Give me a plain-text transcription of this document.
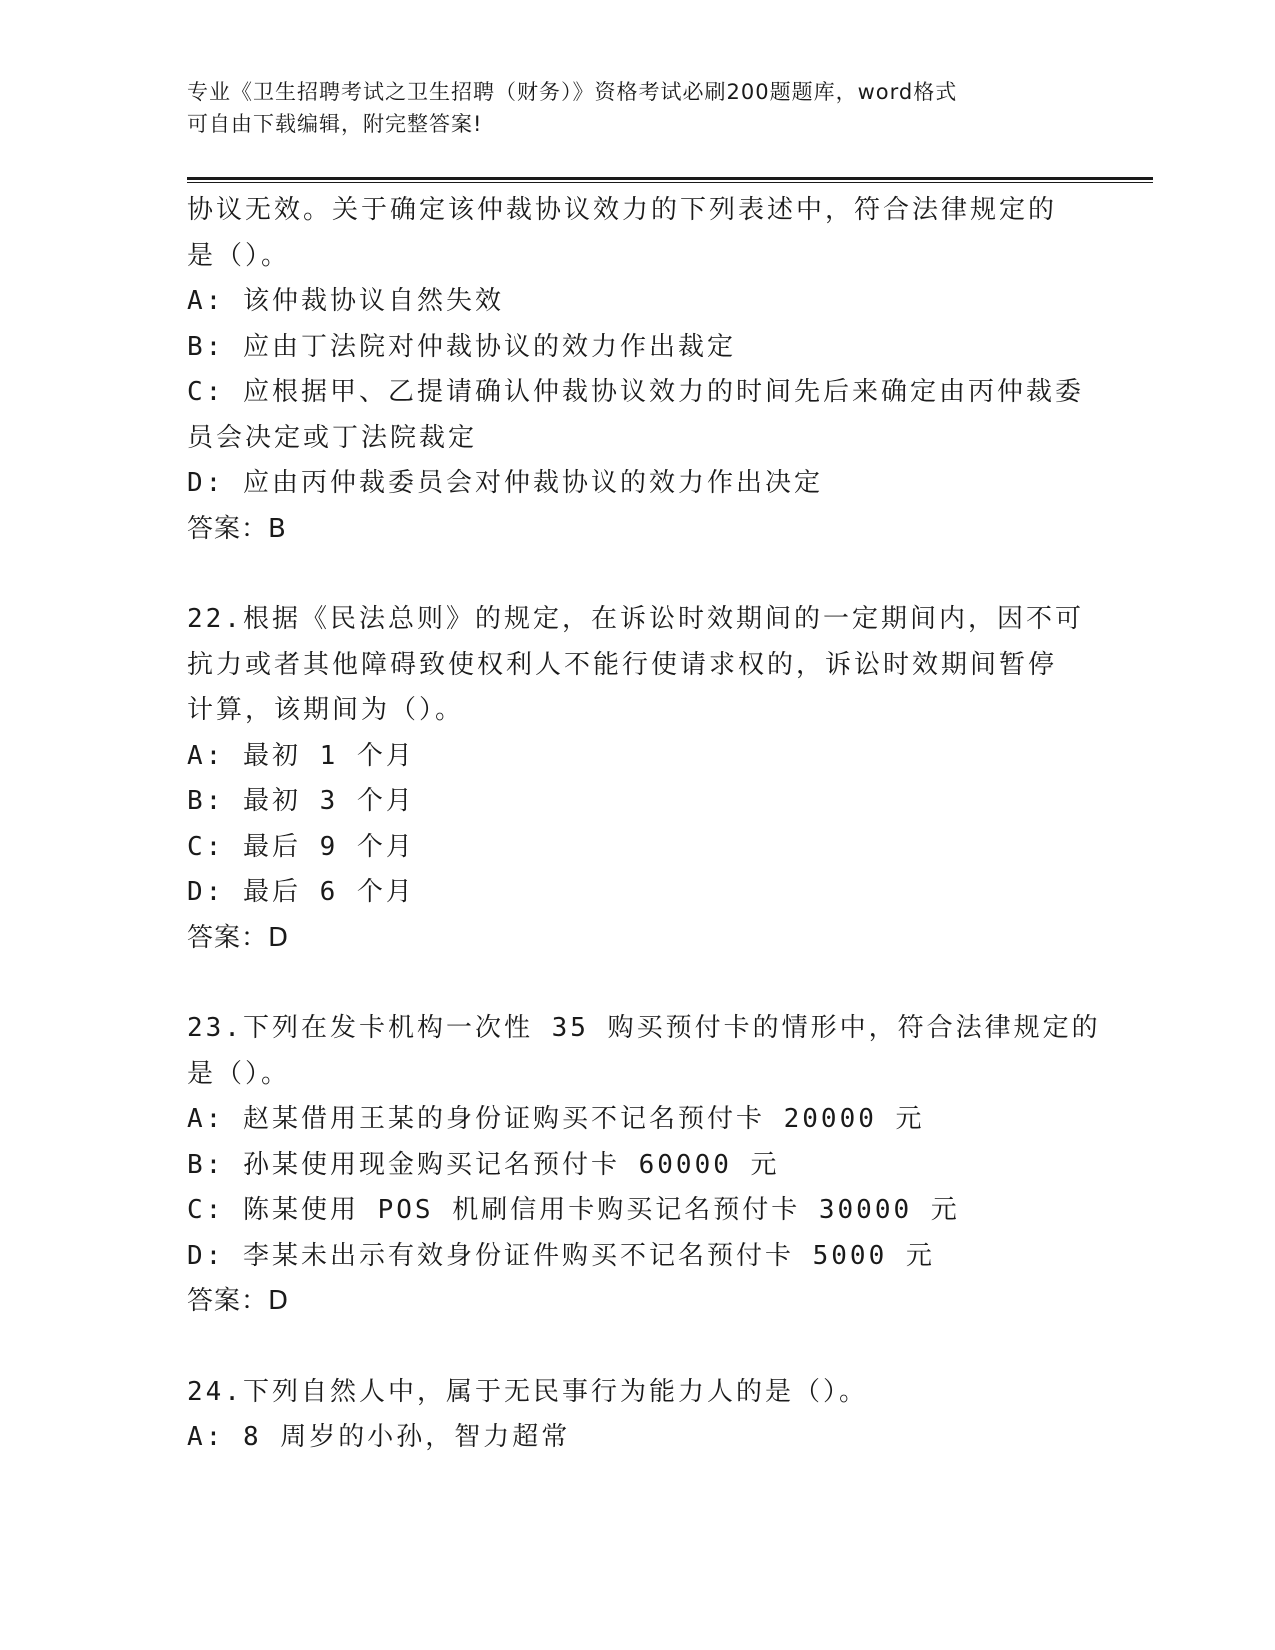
专业《卫生招聘考试之卫生招聘（财务）》资格考试必刷200题题库，word格式
可自由下载编辑，附完整答案!
协议无效。关于确定该仲裁协议效力的下列表述中，符合法律规定的
是（）。
A: 该仲裁协议自然失效
B: 应由丁法院对仲裁协议的效力作出裁定
C: 应根据甲、乙提请确认仲裁协议效力的时间先后来确定由丙仲裁委
员会决定或丁法院裁定
D: 应由丙仲裁委员会对仲裁协议的效力作出决定
答案：B
22.根据《民法总则》的规定，在诉讼时效期间的一定期间内，因不可
抗力或者其他障碍致使权利人不能行使请求权的，诉讼时效期间暂停
计算，该期间为（）。
A: 最初 1 个月
B: 最初 3 个月
C: 最后 9 个月
D: 最后 6 个月
答案：D
23.下列在发卡机构一次性 35 购买预付卡的情形中，符合法律规定的
是（）。
A: 赵某借用王某的身份证购买不记名预付卡 20000 元
B: 孙某使用现金购买记名预付卡 60000 元
C: 陈某使用 POS 机刷信用卡购买记名预付卡 30000 元
D: 李某未出示有效身份证件购买不记名预付卡 5000 元
答案：D
24.下列自然人中，属于无民事行为能力人的是（）。
A: 8 周岁的小孙，智力超常
